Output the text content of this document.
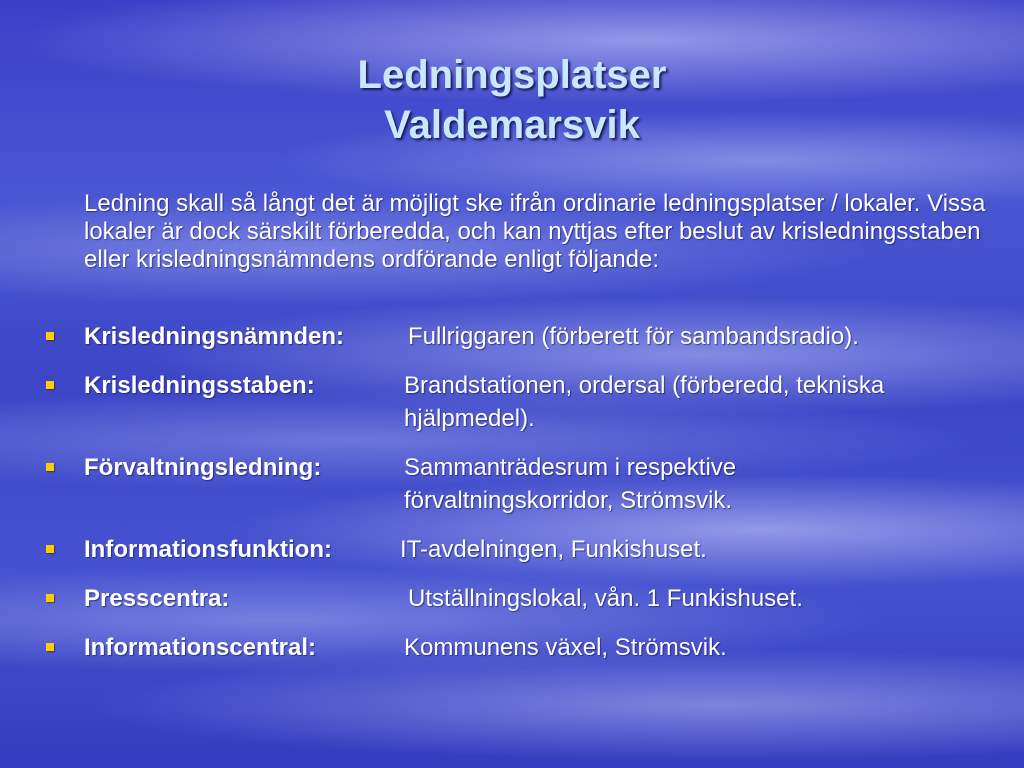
Ledningsplatser
Valdemarsvik

Ledning skall så långt det är möjligt ske ifrån ordinarie ledningsplatser / lokaler. Vissa lokaler är dock särskilt förberedda, och kan nyttjas efter beslut av krisledningsstaben eller krisledningsnämndens ordförande enligt följande:

Krisledningsnämnden:	Fullriggaren (förberett för sambandsradio).
Krisledningsstaben:	Brandstationen, ordersal (förberedd, tekniska hjälpmedel).
Förvaltningsledning:	Sammanträdesrum i respektive förvaltningskorridor, Strömsvik.
Informationsfunktion:	IT-avdelningen, Funkishuset.
Presscentra:	Utställningslokal, vån. 1 Funkishuset.
Informationscentral:	Kommunens växel, Strömsvik.
